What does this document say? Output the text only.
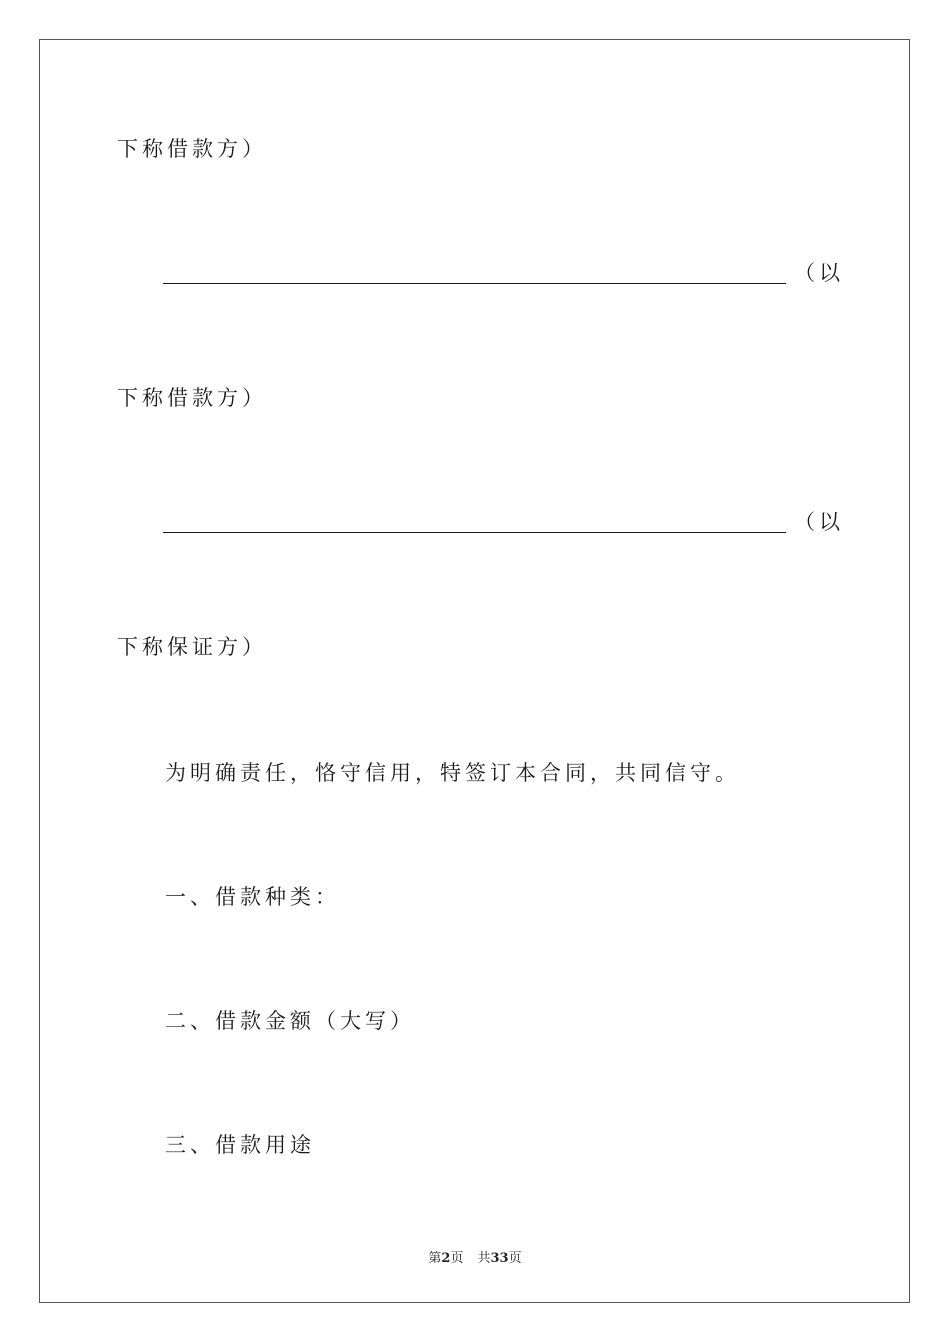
下称借款方）
（以
下称借款方）
（以
下称保证方）
为明确责任，恪守信用，特签订本合同，共同信守。
一、借款种类：
二、借款金额（大写）
三、借款用途
第2页 共33页
